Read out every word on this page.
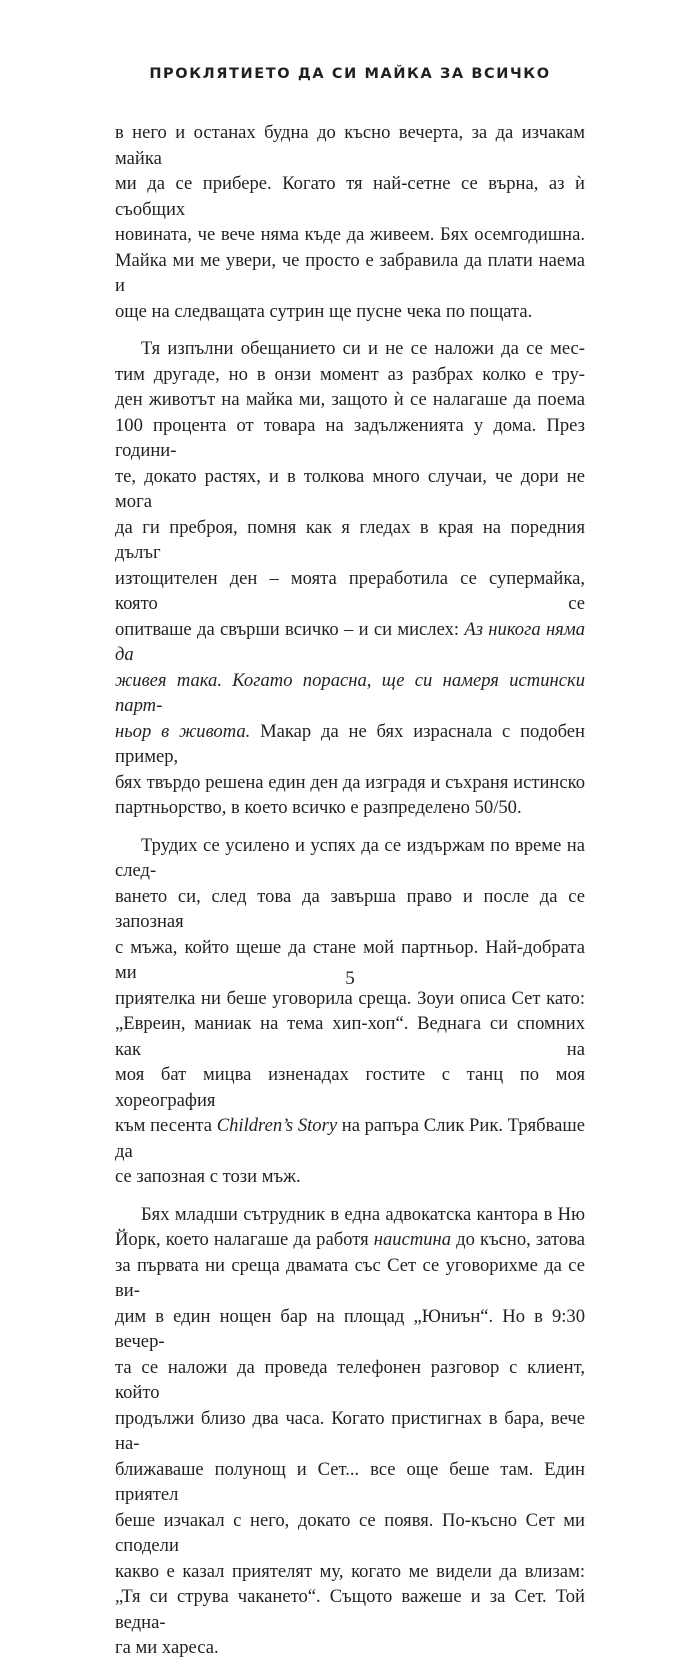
ПРОКЛЯТИЕТО ДА СИ МАЙКА ЗА ВСИЧКО
в него и останах будна до късно вечерта, за да изчакам майка
ми да се прибере. Когато тя най-сетне се върна, аз ѝ съобщих
новината, че вече няма къде да живеем. Бях осемгодишна.
Майка ми ме увери, че просто е забравила да плати наема и
още на следващата сутрин ще пусне чека по пощата.
Тя изпълни обещанието си и не се наложи да се мес-
тим другаде, но в онзи момент аз разбрах колко е тру-
ден животът на майка ми, защото ѝ се налагаше да поема
100 процента от товара на задълженията у дома. През години-
те, докато растях, и в толкова много случаи, че дори не мога
да ги преброя, помня как я гледах в края на поредния дълъг
изтощителен ден – моята преработила се супермайка, която се
опитваше да свърши всичко – и си мислех: Аз никога няма да
живея така. Когато порасна, ще си намеря истински парт-
ньор в живота. Макар да не бях израснала с подобен пример,
бях твърдо решена един ден да изградя и съхраня истинско
партньорство, в което всичко е разпределено 50/50.
Трудих се усилено и успях да се издържам по време на след-
ването си, след това да завърша право и после да се запозная
с мъжа, който щеше да стане мой партньор. Най-добрата ми
приятелка ни беше уговорила среща. Зоуи описа Сет като:
„Евреин, маниак на тема хип-хоп“. Веднага си спомних как на
моя бат мицва изненадах гостите с танц по моя хореография
към песента Children’s Story на рапъра Слик Рик. Трябваше да
се запозная с този мъж.
Бях младши сътрудник в една адвокатска кантора в Ню
Йорк, което налагаше да работя наистина до късно, затова
за първата ни среща двамата със Сет се уговорихме да се ви-
дим в един нощен бар на площад „Юниън“. Но в 9:30 вечер-
та се наложи да проведа телефонен разговор с клиент, който
продължи близо два часа. Когато пристигнах в бара, вече на-
ближаваше полунощ и Сет... все още беше там. Един приятел
беше изчакал с него, докато се появя. По-късно Сет ми сподели
какво е казал приятелят му, когато ме видели да влизам:
„Тя си струва чакането“. Същото важеше и за Сет. Той ведна-
га ми хареса.
5
